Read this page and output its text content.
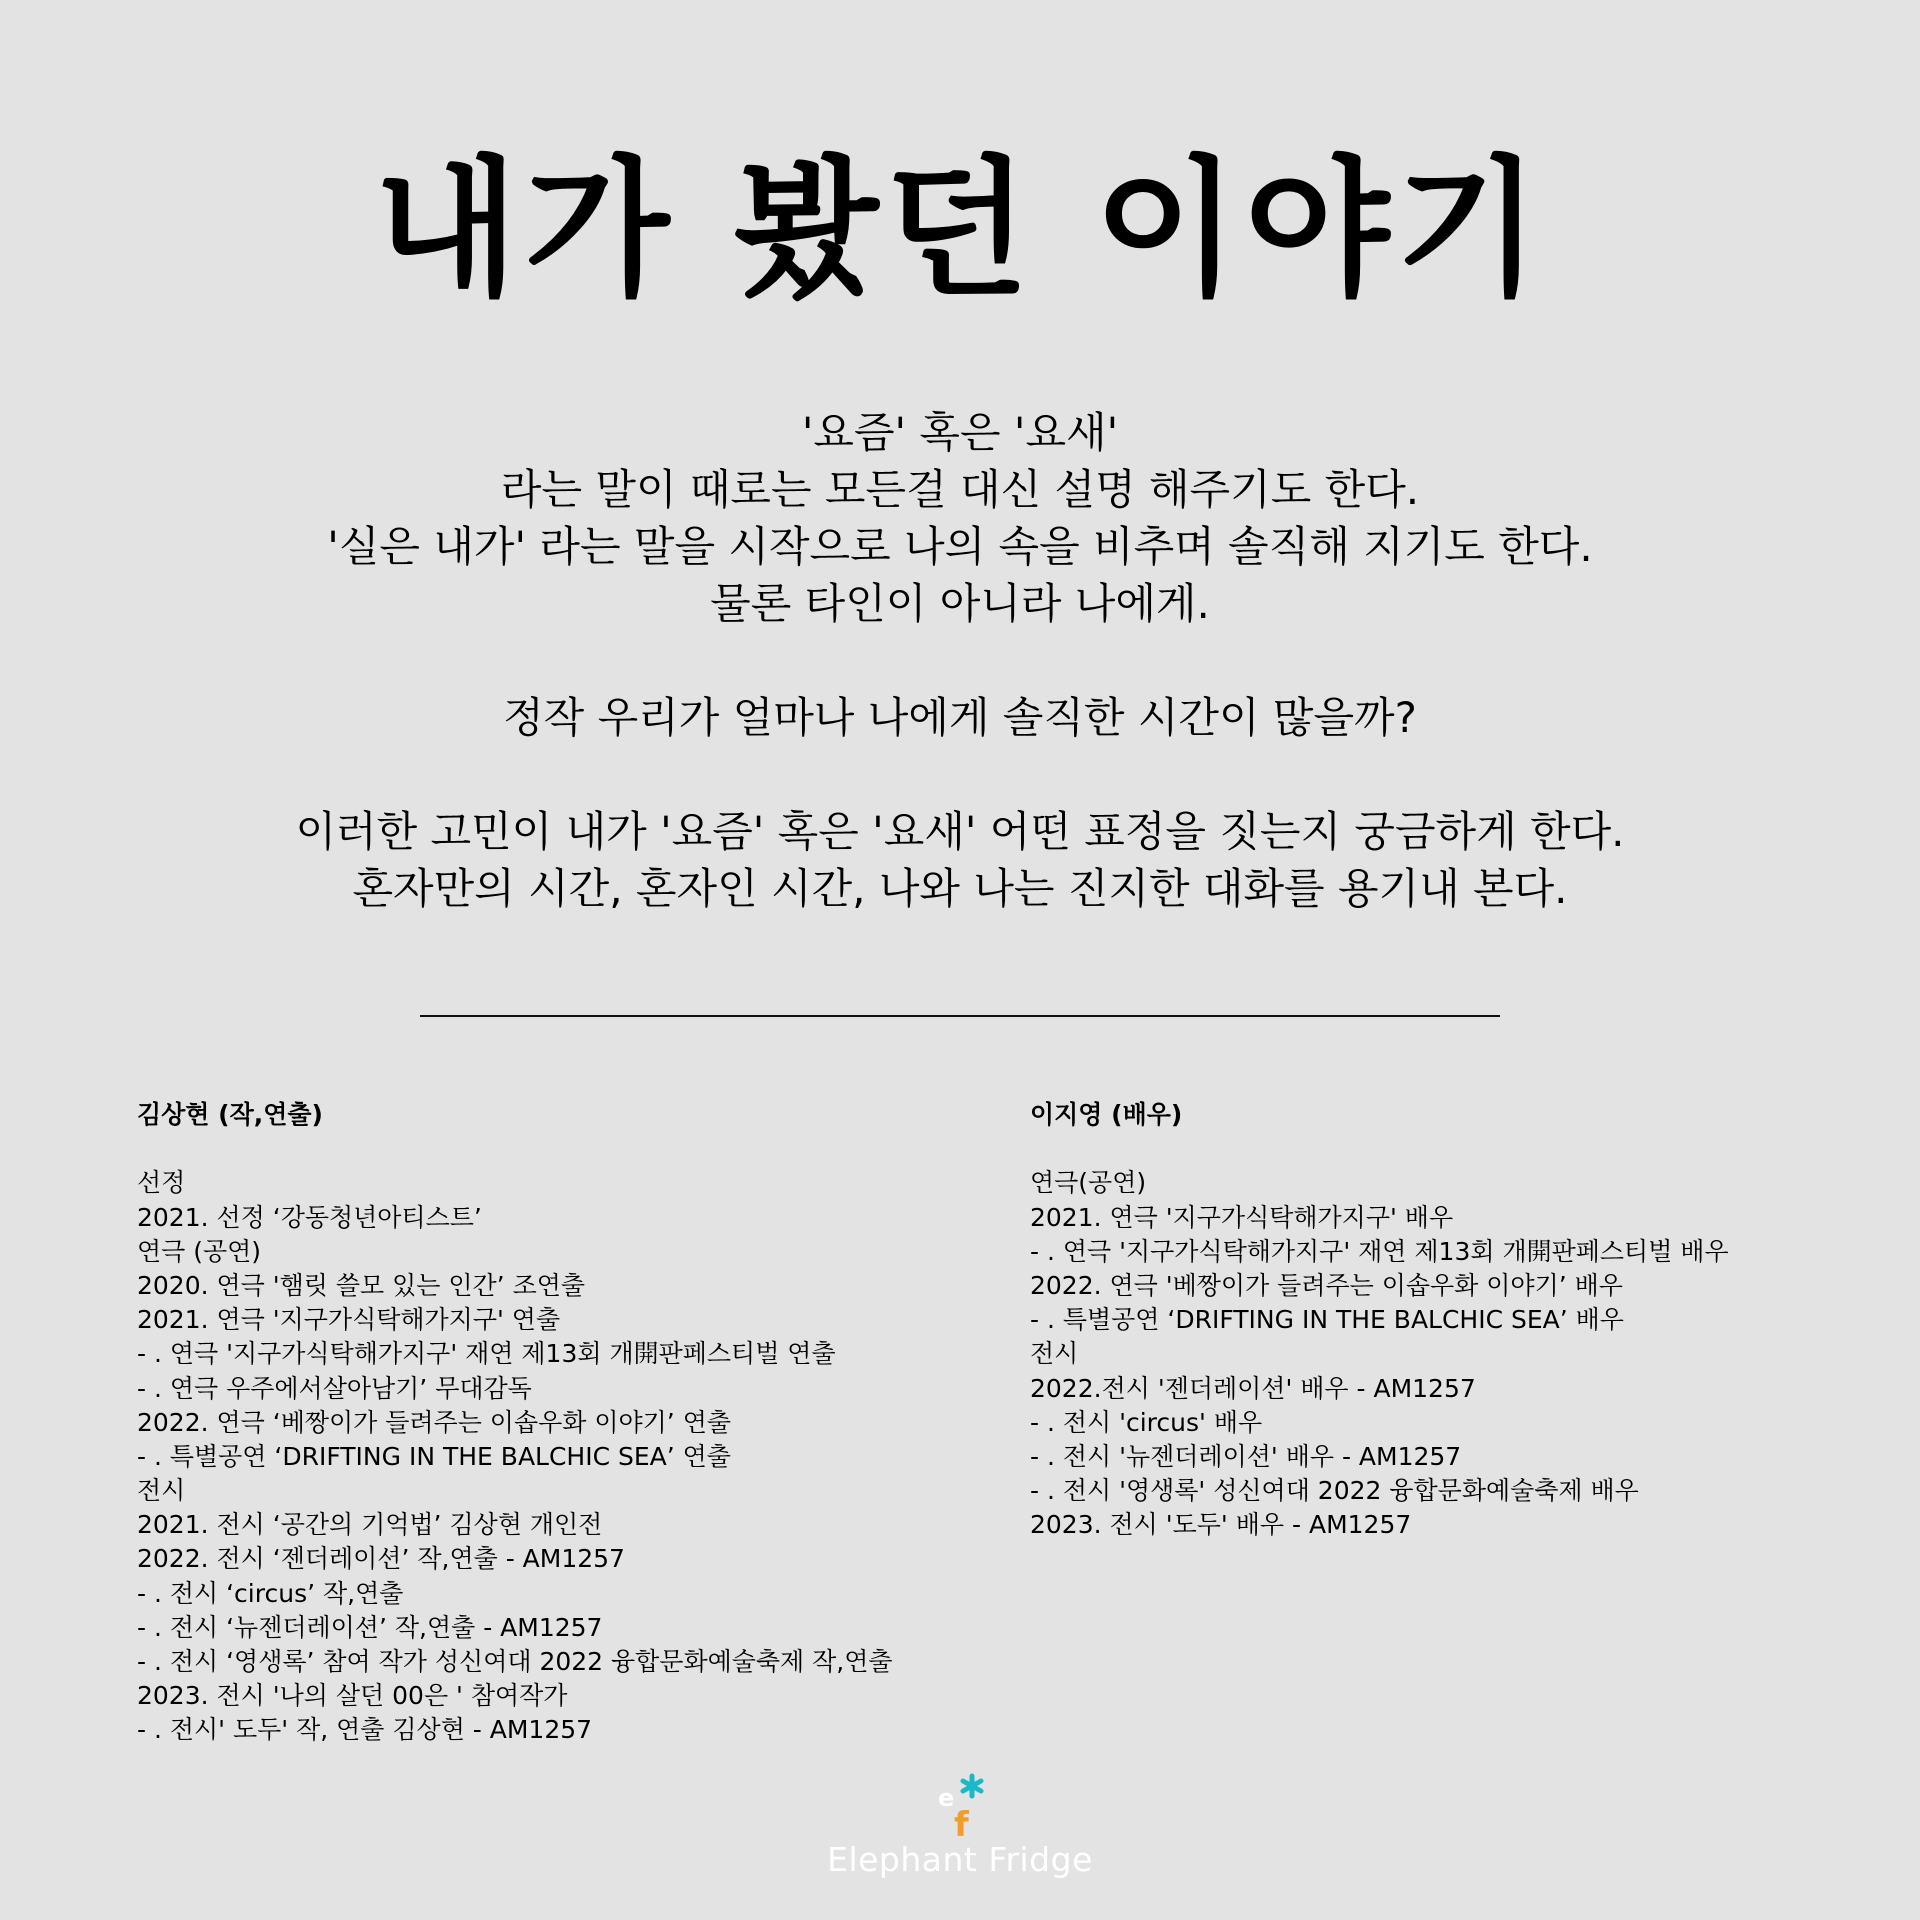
내가 봤던 이야기
'요즘' 혹은 '요새'
라는 말이 때로는 모든걸 대신 설명 해주기도 한다.
'실은 내가' 라는 말을 시작으로 나의 속을 비추며 솔직해 지기도 한다.
물론 타인이 아니라 나에게.
정작 우리가 얼마나 나에게 솔직한 시간이 많을까?
이러한 고민이 내가 '요즘' 혹은 '요새' 어떤 표정을 짓는지 궁금하게 한다.
혼자만의 시간, 혼자인 시간, 나와 나는 진지한 대화를 용기내 본다.
김상현 (작,연출)
선정
2021. 선정 ‘강동청년아티스트’
연극 (공연)
2020. 연극 '햄릿 쓸모 있는 인간’ 조연출
2021. 연극 '지구가식탁해가지구' 연출
- . 연극 '지구가식탁해가지구' 재연 제13회 개開판페스티벌 연출
- . 연극 우주에서살아남기’ 무대감독
2022. 연극 ‘베짱이가 들려주는 이솝우화 이야기’ 연출
- . 특별공연 ‘DRIFTING IN THE BALCHIC SEA’ 연출
전시
2021. 전시 ‘공간의 기억법’ 김상현 개인전
2022. 전시 ‘젠더레이션’ 작,연출 - AM1257
- . 전시 ‘circus’ 작,연출
- . 전시 ‘뉴젠더레이션’ 작,연출 - AM1257
- . 전시 ‘영생록’ 참여 작가 성신여대 2022 융합문화예술축제 작,연출
2023. 전시 '나의 살던 00은 ' 참여작가
- . 전시' 도두' 작, 연출 김상현 - AM1257
이지영 (배우)
연극(공연)
2021. 연극 '지구가식탁해가지구' 배우
- . 연극 '지구가식탁해가지구' 재연 제13회 개開판페스티벌 배우
2022. 연극 '베짱이가 들려주는 이솝우화 이야기’ 배우
- . 특별공연 ‘DRIFTING IN THE BALCHIC SEA’ 배우
전시
2022.전시 '젠더레이션' 배우 - AM1257
- . 전시 'circus' 배우
- . 전시 '뉴젠더레이션' 배우 - AM1257
- . 전시 '영생록' 성신여대 2022 융합문화예술축제 배우
2023. 전시 '도두' 배우 - AM1257
e
f
Elephant Fridge
